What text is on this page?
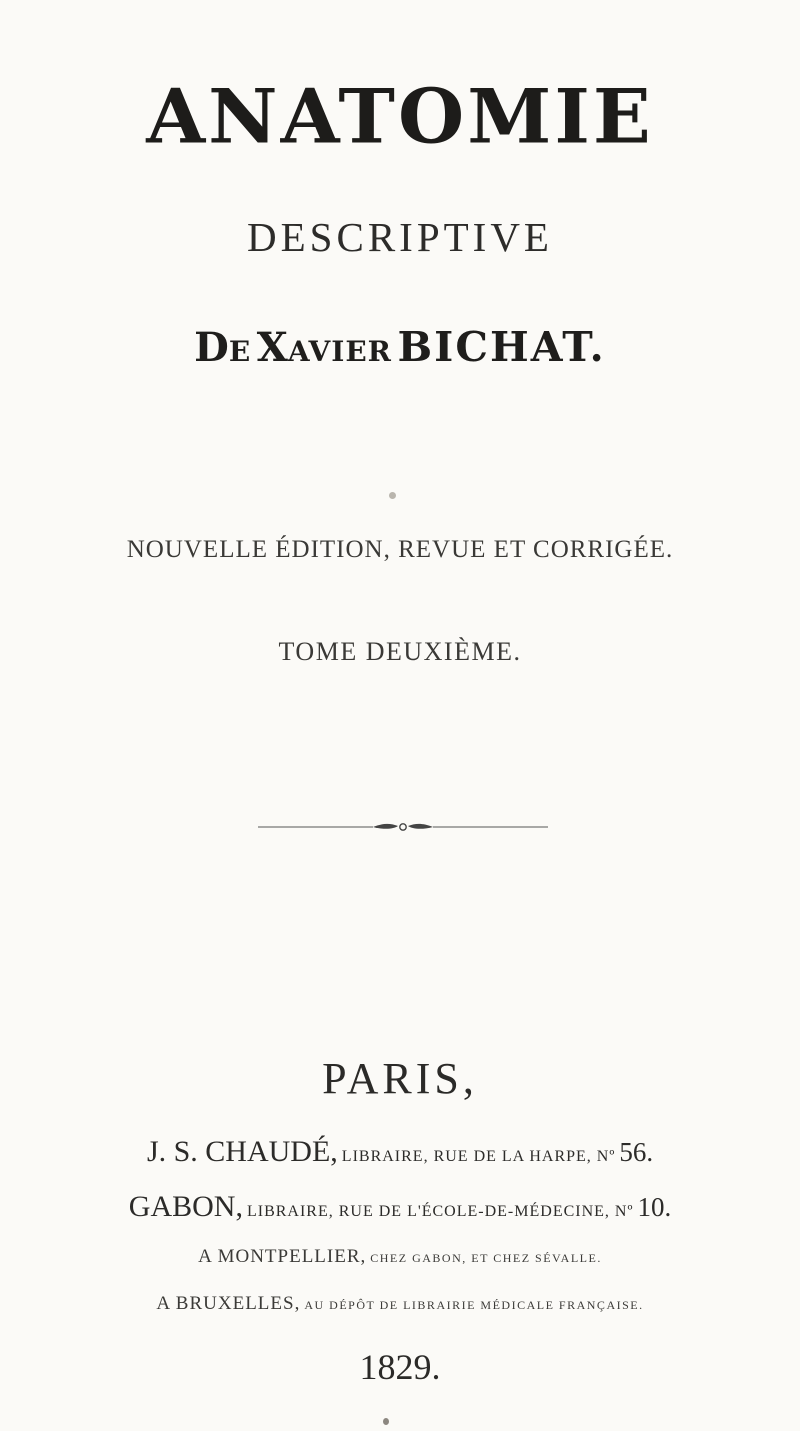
ANATOMIE
DESCRIPTIVE
DE XAVIER BICHAT.
NOUVELLE ÉDITION, REVUE ET CORRIGÉE.
TOME DEUXIÈME.
PARIS,
J. S. CHAUDÉ, LIBRAIRE, RUE DE LA HARPE, Nº 56.
GABON, LIBRAIRE, RUE DE L'ÉCOLE-DE-MÉDECINE, Nº 10.
A MONTPELLIER, CHEZ GABON, ET CHEZ SÉVALLE.
A BRUXELLES, AU DÉPÔT DE LIBRAIRIE MÉDICALE FRANÇAISE.
1829.
